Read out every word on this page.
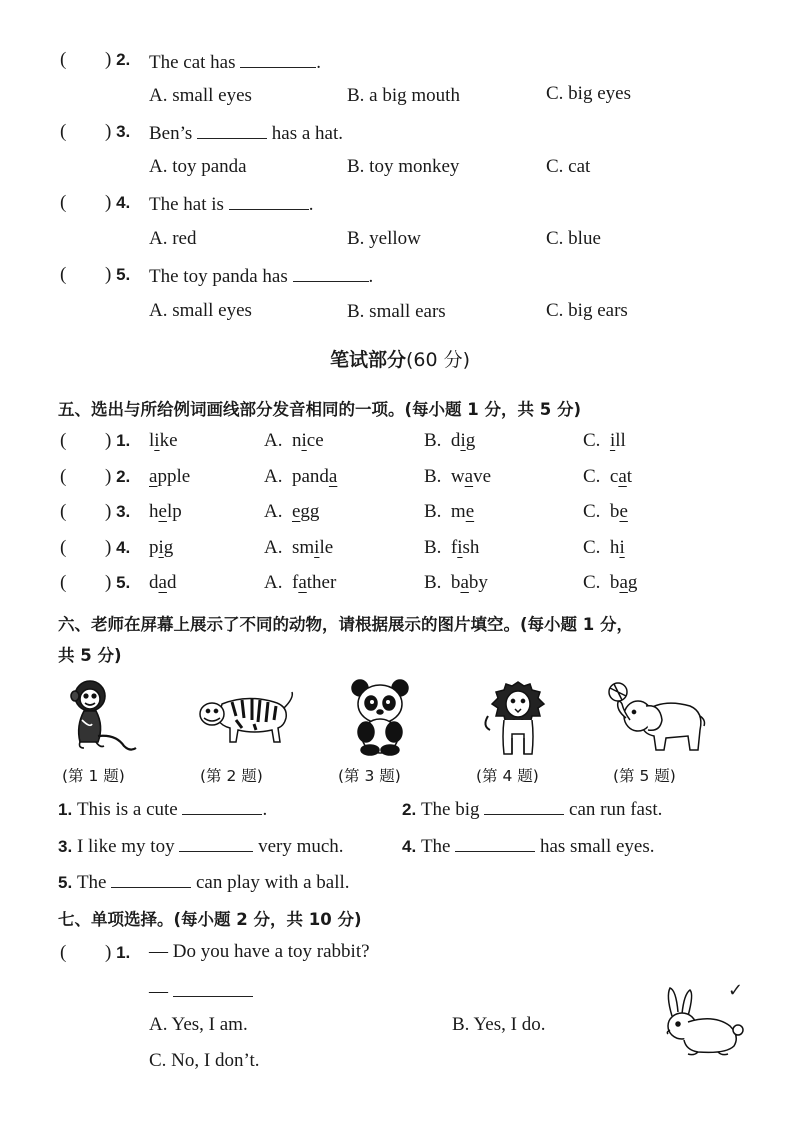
( ) 2. The cat has	.
A. small eyes	B. a big mouth	C. big eyes
( ) 3. Ben’s	has a hat.
A. toy panda	B. toy monkey	C. cat
( ) 4. The hat is	.
A. red	B. yellow	C. blue
( ) 5. The toy panda has	.
A. small eyes	B. small ears	C. big ears
笔试部分(60 分)
五、选出与所给例词画线部分发音相同的一项。(每小题 1 分，共 5 分)
( ) 1. like	A.  nice	B.  dig	C.  ill
( ) 2. apple	A.  panda	B.  wave	C.  cat
( ) 3. help	A.  egg	B.  me	C.  be
( ) 4. pig	A.  smile	B.  fish	C.  hi
( ) 5. dad	A.  father	B.  baby	C.  bag
六、老师在屏幕上展示了不同的动物，请根据展示的图片填空。(每小题 1 分，
共 5 分)
(第 1 题)	(第 2 题)	(第 3 题)	(第 4 题)	(第 5 题)
1. This is a cute	.	2. The big	can run fast.
3. I like my toy	very much.	4. The	has small eyes.
5. The	can play with a ball.
七、单项选择。(每小题 2 分，共 10 分)
( ) 1. — Do you have a toy rabbit?
—
A. Yes, I am.	B. Yes, I do.
C. No, I don’t.
✓
